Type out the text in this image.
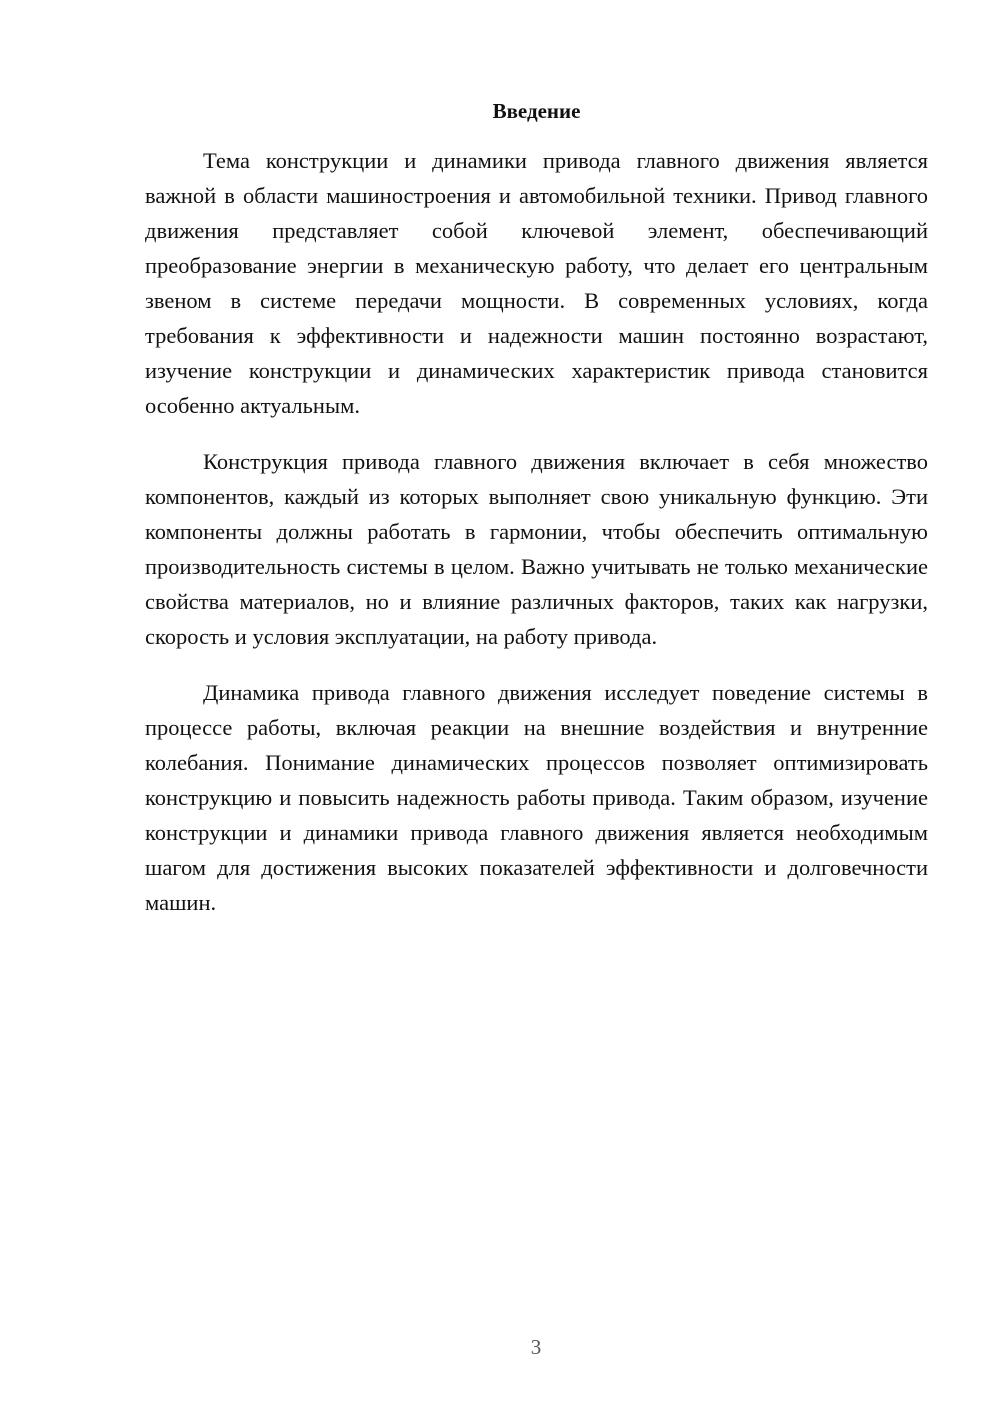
Введение

Тема конструкции и динамики привода главного движения является важной в области машиностроения и автомобильной техники. Привод главного движения представляет собой ключевой элемент, обеспечивающий преобразование энергии в механическую работу, что делает его центральным звеном в системе передачи мощности. В современных условиях, когда требования к эффективности и надежности машин постоянно возрастают, изучение конструкции и динамических характеристик привода становится особенно актуальным.

Конструкция привода главного движения включает в себя множество компонентов, каждый из которых выполняет свою уникальную функцию. Эти компоненты должны работать в гармонии, чтобы обеспечить оптимальную производительность системы в целом. Важно учитывать не только механические свойства материалов, но и влияние различных факторов, таких как нагрузки, скорость и условия эксплуатации, на работу привода.

Динамика привода главного движения исследует поведение системы в процессе работы, включая реакции на внешние воздействия и внутренние колебания. Понимание динамических процессов позволяет оптимизировать конструкцию и повысить надежность работы привода. Таким образом, изучение конструкции и динамики привода главного движения является необходимым шагом для достижения высоких показателей эффективности и долговечности машин.

3
